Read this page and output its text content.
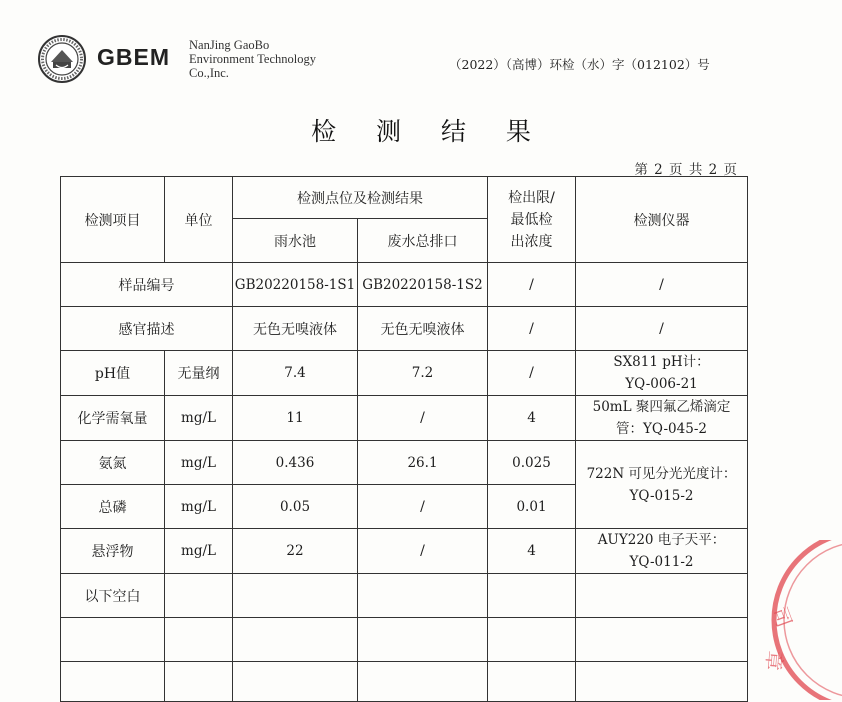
GBEM NanJing GaoBo
Environment Technology
Co.,Inc.
（2022）（高博）环检（水）字（012102）号
检 测 结 果
第 2 页 共 2 页
检测项目	单位	检测点位及检测结果		检出限/
最低检
出浓度	检测仪器
		雨水池	废水总排口		
样品编号		GB20220158-1S1	GB20220158-1S2	/	/
感官描述		无色无嗅液体	无色无嗅液体	/	/
pH值	无量纲	7.4	7.2	/	SX811 pH计：
YQ-006-21

化学需氧量	mg/L	11	/	4	50mL 聚四氟乙烯滴定
管：YQ-045-2

氨氮	mg/L	0.436	26.1	0.025	722N 可见分光光度计：
YQ-015-2

总磷	mg/L	0.05	/	0.01	
悬浮物	mg/L	22	/	4	AUY220 电子天平：
YQ-011-2

以下空白					

司
章
